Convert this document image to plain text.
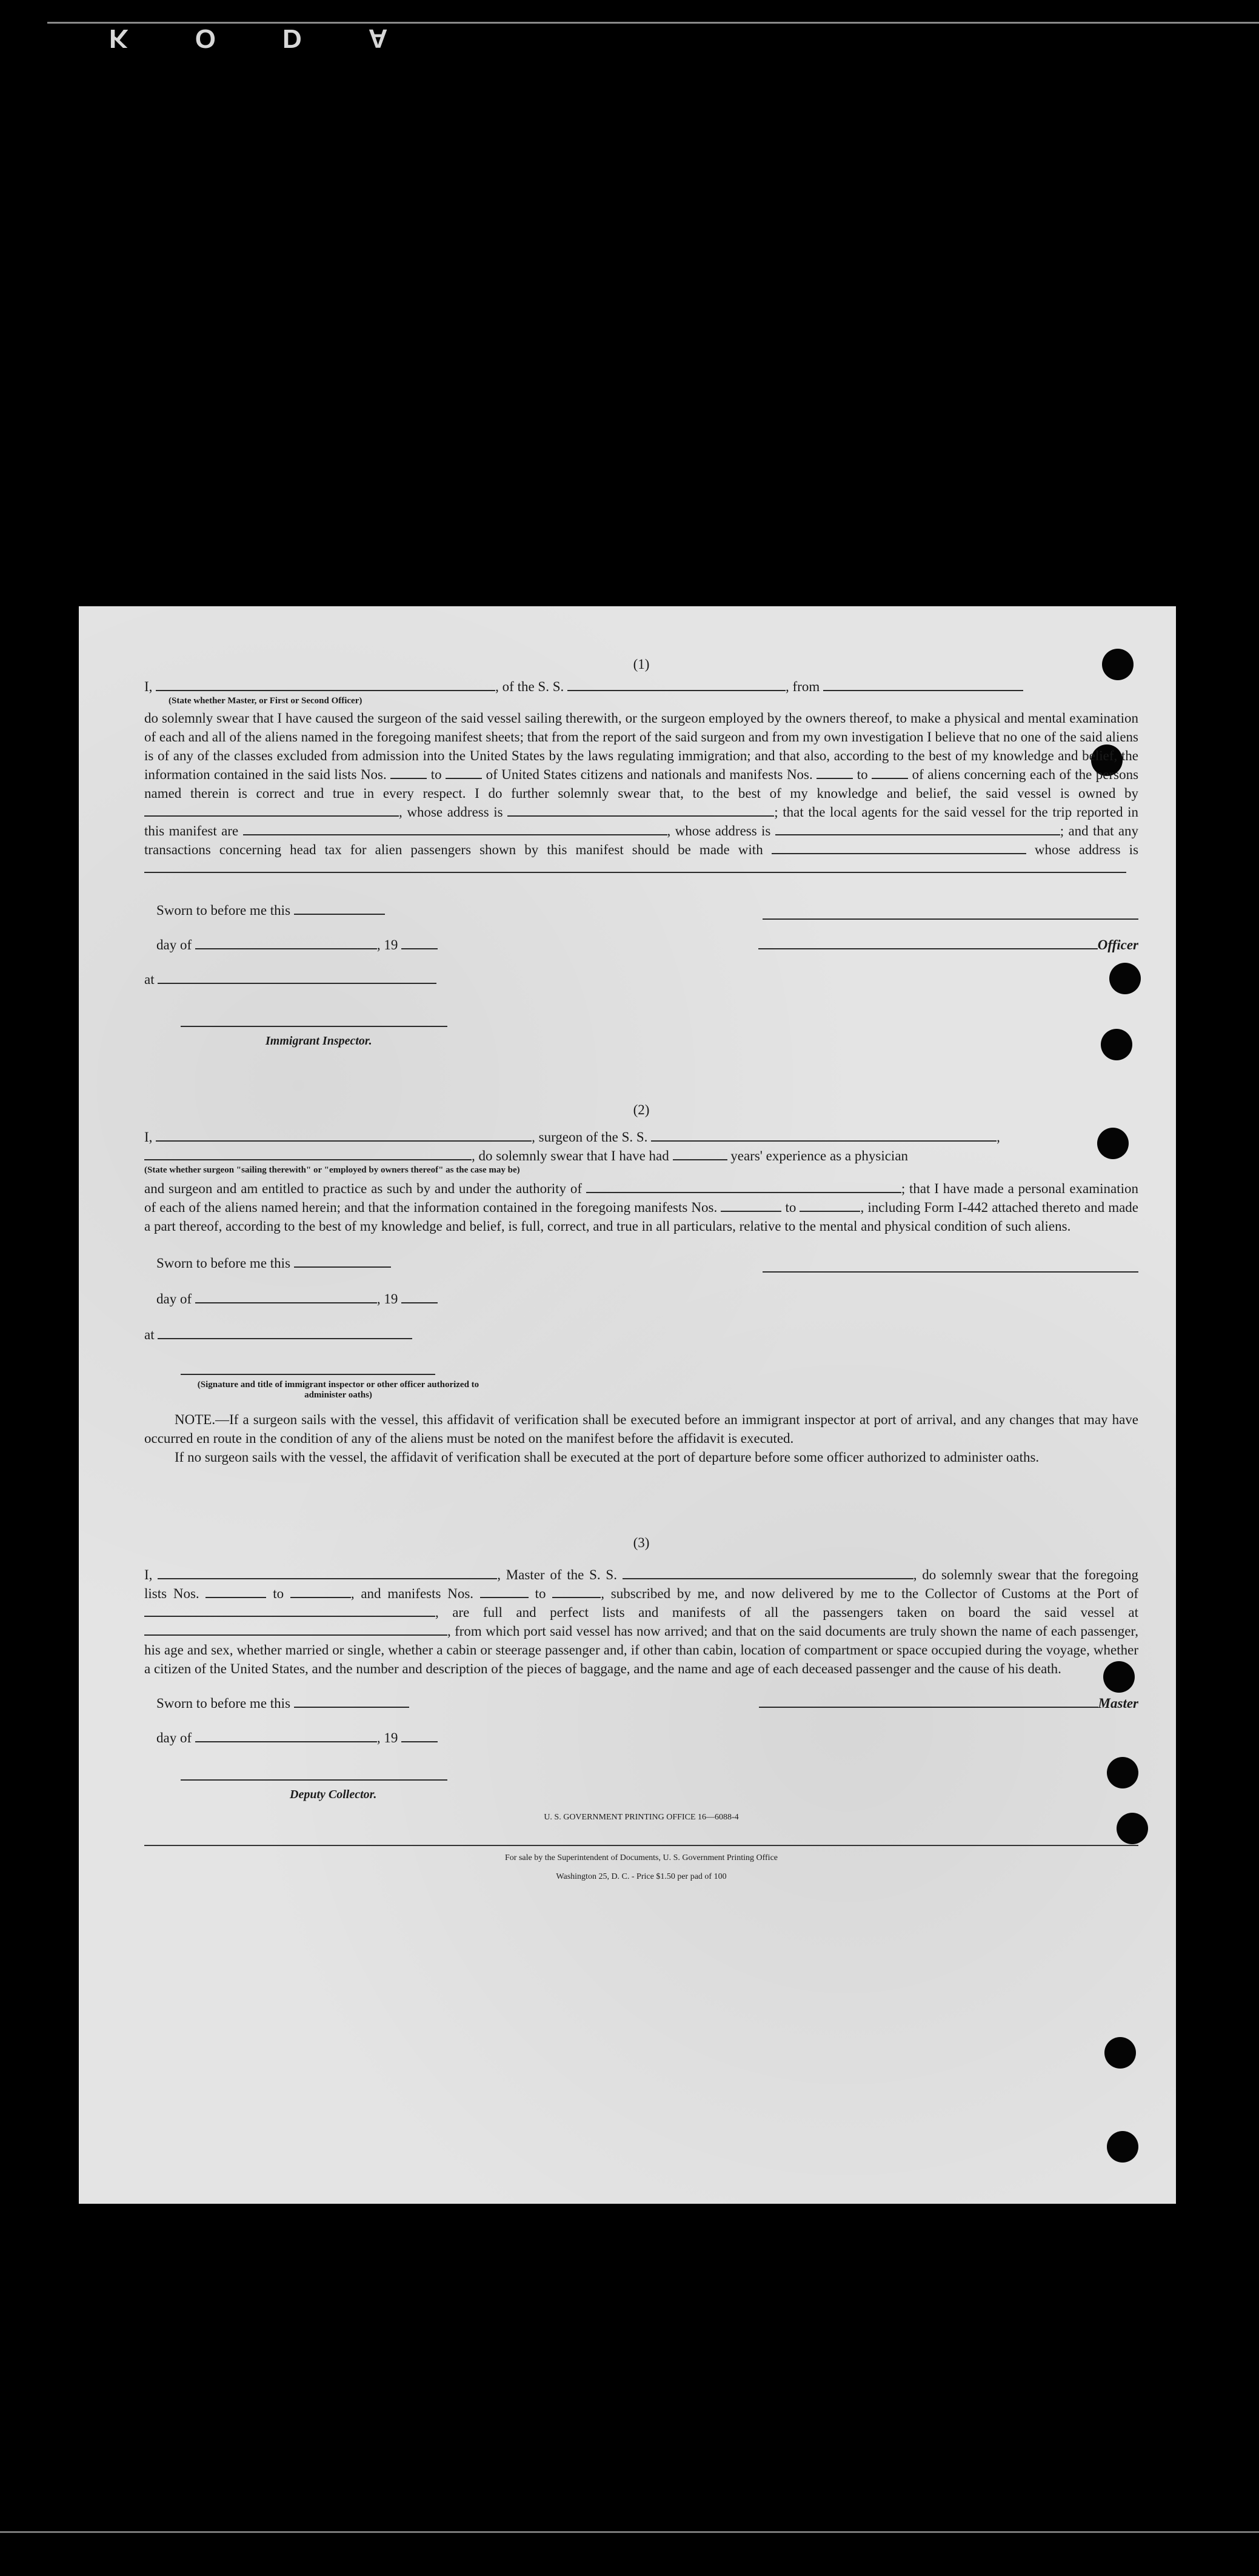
KODA

(1)

I,	, of the S. S.	, from

(State whether Master, or First or Second Officer)

do solemnly swear that I have caused the surgeon of the said vessel sailing therewith, or the surgeon employed by the owners thereof, to make a physical and mental examination of each and all of the aliens named in the foregoing manifest sheets; that from the report of the said surgeon and from my own investigation I believe that no one of the said aliens is of any of the classes excluded from admission into the United States by the laws regulating immigration; and that also, according to the best of my knowledge and belief, the information contained in the said lists Nos.	to	of United States citizens and nationals and manifests Nos.	to	of aliens concerning each of the persons named therein is correct and true in every respect. I do further solemnly swear that, to the best of my knowledge and belief, the said vessel is owned by , whose address is	; that the local agents for the said vessel for the trip reported in this manifest are	, whose address is	; and that any transactions concerning head tax for alien passengers shown by this manifest should be made with	whose address is

Sworn to before me this

day of	, 19	Officer

at

Immigrant Inspector.

(2)

I,	, surgeon of the S. S.	,

, do solemnly swear that I have had	years' experience as a physician

(State whether surgeon "sailing therewith" or "employed by owners thereof" as the case may be)

and surgeon and am entitled to practice as such by and under the authority of	; that I have made a personal examination of each of the aliens named herein; and that the information contained in the foregoing manifests Nos.	to	, including Form I-442 attached thereto and made a part thereof, according to the best of my knowledge and belief, is full, correct, and true in all particulars, relative to the mental and physical condition of such aliens.

Sworn to before me this

day of	, 19

at

(Signature and title of immigrant inspector or other officer authorized to administer oaths)

NOTE.—If a surgeon sails with the vessel, this affidavit of verification shall be executed before an immigrant inspector at port of arrival, and any changes that may have occurred en route in the condition of any of the aliens must be noted on the manifest before the affidavit is executed.

If no surgeon sails with the vessel, the affidavit of verification shall be executed at the port of departure before some officer authorized to administer oaths.

(3)

I,	, Master of the S. S.	, do solemnly swear that the foregoing lists Nos.	to	, and manifests Nos.	to	, subscribed by me, and now delivered by me to the Collector of Customs at the Port of , are full and perfect lists and manifests of all the passengers taken on board the said vessel at , from which port said vessel has now arrived; and that on the said documents are truly shown the name of each passenger, his age and sex, whether married or single, whether a cabin or steerage passenger and, if other than cabin, location of compartment or space occupied during the voyage, whether a citizen of the United States, and the number and description of the pieces of baggage, and the name and age of each deceased passenger and the cause of his death.

Sworn to before me this	Master

day of	, 19

Deputy Collector.

U. S. GOVERNMENT PRINTING OFFICE 16—6088-4

For sale by the Superintendent of Documents, U. S. Government Printing Office

Washington 25, D. C. - Price $1.50 per pad of 100
